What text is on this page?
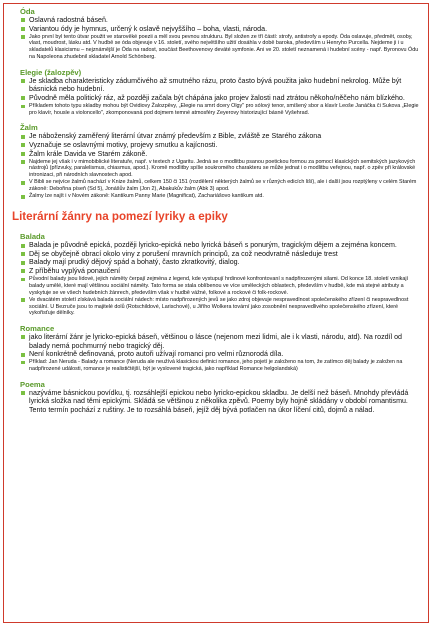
Óda
Oslavná radostná báseň.
Variantou ódy je hymnus, určený k oslavě nejvyššího – boha, vlasti, národa.
Jako první byl tento útvar použit ve starověké poezii a měl svou pevnou strukturu. Byl složen ze tří částí: strofy, antistrofy a epody. Óda oslavuje, předmět, osoby, vlast, moudrost, lásku atd. V hudbě se óda objevuje v 16. století, svého největšího užití dosáhla v době baroka, především u Henryho Purcella. Nejdeme ji i u skladatelů klasicismu – nejznámější je Óda na radost, součást Beethovenovy deváté symfonie. Ani ve 20. století neznamená i hudební scény - např. Byronovu Ódu na Napoleona zhudebnil skladatel Arnold Schönberg.
Elegie (žalozpěv)
Je skladba charakteristicky zádumčivého až smutného rázu, proto často bývá použita jako hudební nekrolog. Může být básnická nebo hudební.
Původně měla politický ráz, až později začala být chápána jako projev žalosti nad ztrátou někoho/něčeho nám blízkého.
Příkladem tohoto typu skladby mohou být Ovidiovy Žalozpěvy, „Elegie na smrt dcery Olgy" pro sólový tenor, smíšený sbor a klavír Leoše Janáčka či Sukova „Elegie pro klavír, housle a violoncello", zkomponovaná pod dojmem temné atmosféry Zeyerovy historizující básně Vyšehrad.
Žalm
Je náboženský zaměřený literární útvar známý především z Bible, zvláště ze Starého zákona
Vyznačuje se oslavnými motivy, projevy smutku a kajícnosti.
Žalm krále Davida ve Starém zákoně.
Najdeme jej však i v mimobiblické literatuře, např. v textech z Ugaritu. Jedná se o modlitbu psanou poetickou formou za pomocí klasických semitských jazykových nástrojů (přízvuky, paralelismus, chiasmus, apod.). Kromě modlitby spíše soukromého charakteru se může jednat i o modlitbu veřejnou, např. o zpěv při královské intronizaci, při národních slavnostech apod.
V Bibli se nejvíce žalmů nachází v Knize žalmů, celkem 150 či 151 (rozdělení některých žalmů se v různých edicích liší), ale i další jsou rozptýleny v celém Starém zákoně: Debořina píseň (Sd 5), Jonášův žalm (Jon 2), Abakukův žalm (Abk 3) apod.
Žalmy lze najít i v Novém zákoně: Kantikum Panny Marie (Magnificat), Zachariášovo kantikum atd.
Literární žánry na pomezí lyriky a epiky
Balada
Balada je původně epická, později lyricko-epická nebo lyrická báseň s ponurým, tragickým dějem a zejména koncem.
Děj se obyčejně obrací okolo viny z porušení mravních principů, za což neodvratně následuje trest
Balady mají prudký dějový spád a bohatý, často zkratkovitý, dialog.
Z příběhu vyplývá ponaučení
Původní balady jsou lidové, jejich náměty čerpají zejména z legend, kde vystupují hrdinové konfrontovaní s nadpřirozenými silami. Od konce 18. století vznikají balady umělé, které mají většinou sociální náměty. Tato forma se stala oblíbenou ve více uměleckých oblastech, především v hudbě, kde má stejné atributy a vyskytuje se ve všech hudebních žánrech, především však v hudbě vážné, folkové a rockové či folk-rockové.
Ve dvacátém století získává balada sociální nádech: místo nadpřirozených jevů se jako zdroj objevuje nespravedlnost společenského zřízení či nespravedlnost sociální. U Bezruče jsou to majitelé dolů (Rotschildové, Larischové), u Jiřího Wolkera tovární jako zosobnění nespravedlivého společenského zřízení, které vykořisťuje dělníky.
Romance
jako literární žánr je lyricko-epická báseň, většinou o lásce (nejenom mezi lidmi, ale i k vlasti, národu, atd). Na rozdíl od balady nemá pochmurný nebo tragický děj.
Není konkrétně definovaná, proto autoři užívají romanci pro velmi různorodá díla.
Příklad: Jan Neruda - Balady a romance (Neruda ale neužívá klasickou definici romance, jeho pojetí je založeno na tom, že zatímco děj balady je založen na nadpřirozené události, romance je realističtější, být je vyslovené tragická, jako například Romance helgolandská)
Poema
nazýváme básnickou povídku, tj. rozsáhlejší epickou nebo lyricko-epickou skladbu. Je delší než báseň. Mnohdy převládá lyrická složka nad těmi epickými. Skládá se většinou z několika zpěvů. Poemy byly hojně skládány v období romantismu. Tento termín pochází z ruštiny. Je to rozsáhlá báseň, jejíž děj bývá potlačen na úkor líčení citů, dojmů a nálad.
